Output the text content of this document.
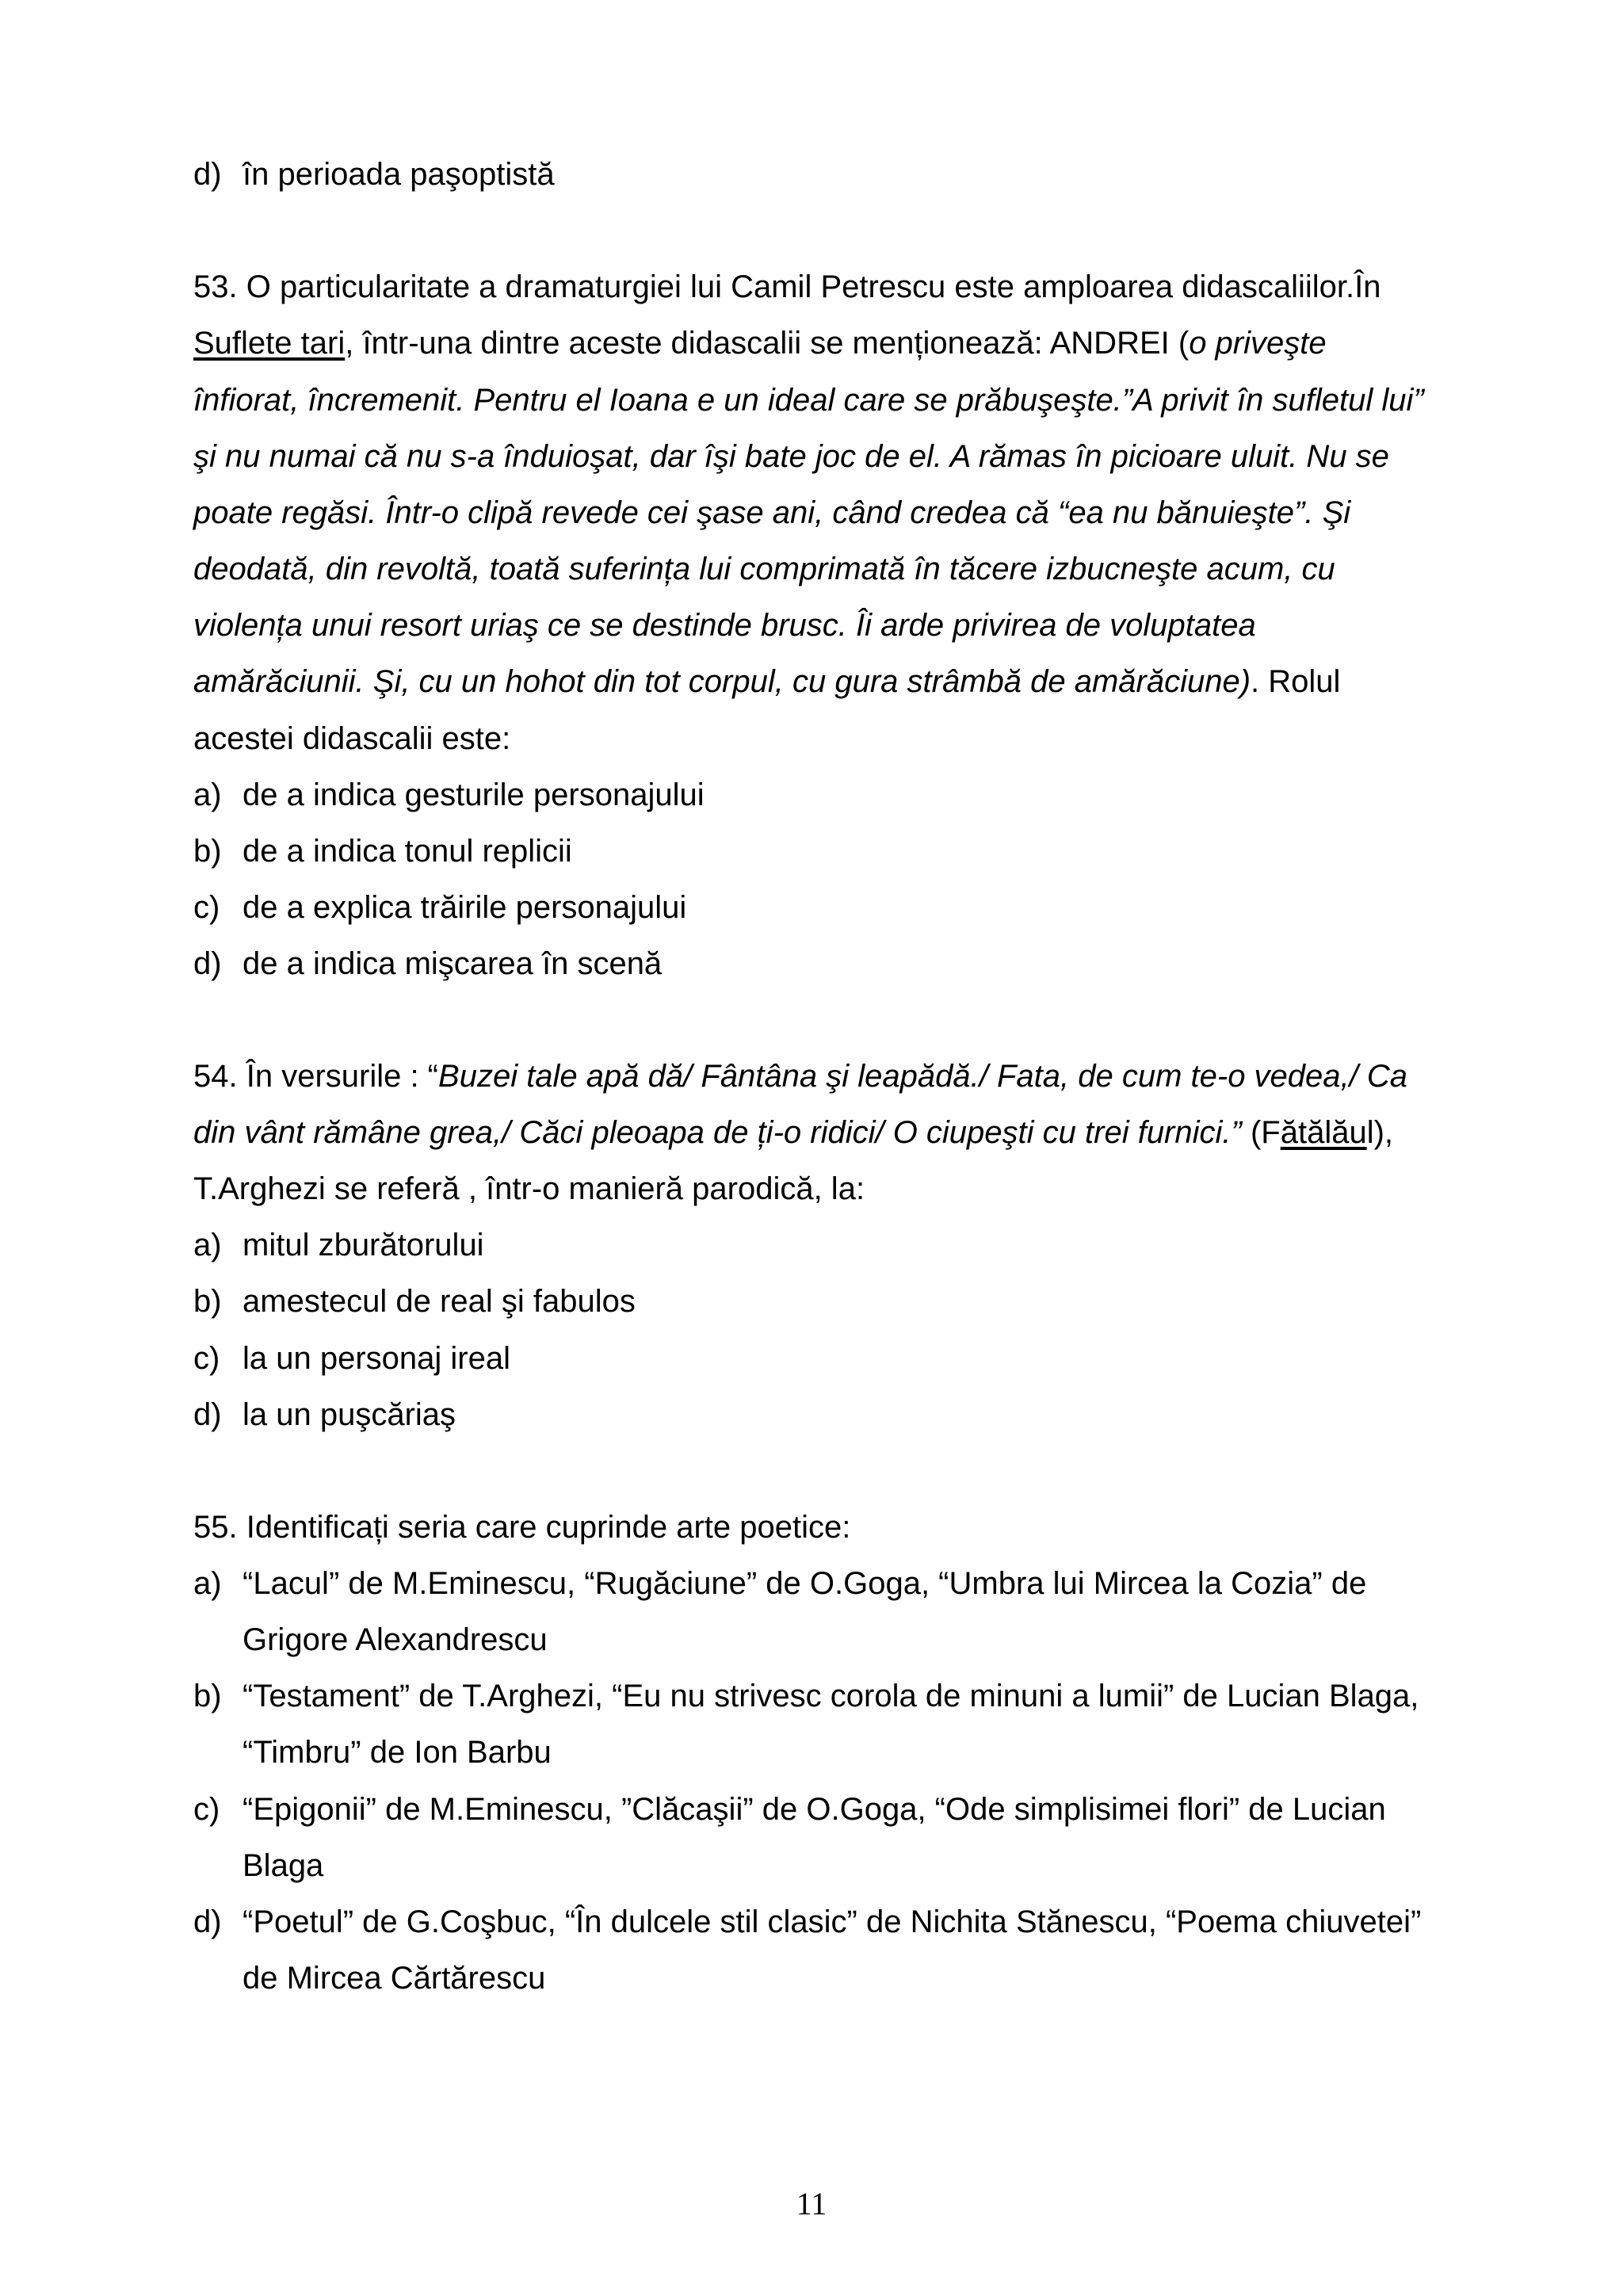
d) în perioada paşoptistă
53. O particularitate a dramaturgiei lui Camil Petrescu este amploarea didascaliilor.În
Suflete tari, într-una dintre aceste didascalii se menționează: ANDREI (o priveşte
înfiorat, încremenit. Pentru el Ioana e un ideal care se prăbuşeşte.”A privit în sufletul lui”
şi nu numai că nu s-a înduioşat, dar îşi bate joc de el. A rămas în picioare uluit. Nu se
poate regăsi. Într-o clipă revede cei şase ani, când credea că “ea nu bănuieşte”. Şi
deodată, din revoltă, toată suferința lui comprimată în tăcere izbucneşte acum, cu
violența unui resort uriaş ce se destinde brusc. Îi arde privirea de voluptatea
amărăciunii. Şi, cu un hohot din tot corpul, cu gura strâmbă de amărăciune). Rolul
acestei didascalii este:
a) de a indica gesturile personajului
b) de a indica tonul replicii
c) de a explica trăirile personajului
d) de a indica mişcarea în scenă
54. În versurile : “Buzei tale apă dă/ Fântâna şi leapădă./ Fata, de cum te-o vedea,/ Ca
din vânt rămâne grea,/ Căci pleoapa de ți-o ridici/ O ciupeşti cu trei furnici.” (Fătălăul),
T.Arghezi se referă , într-o manieră parodică, la:
a) mitul zburătorului
b) amestecul de real şi fabulos
c) la un personaj ireal
d) la un puşcăriaş
55. Identificați seria care cuprinde arte poetice:
a) “Lacul” de M.Eminescu, “Rugăciune” de O.Goga, “Umbra lui Mircea la Cozia” de
Grigore Alexandrescu
b) “Testament” de T.Arghezi, “Eu nu strivesc corola de minuni a lumii” de Lucian Blaga,
“Timbru” de Ion Barbu
c) “Epigonii” de M.Eminescu, ”Clăcaşii” de O.Goga, “Ode simplisimei flori” de Lucian
Blaga
d) “Poetul” de G.Coşbuc, “În dulcele stil clasic” de Nichita Stănescu, “Poema chiuvetei”
de Mircea Cărtărescu
11
